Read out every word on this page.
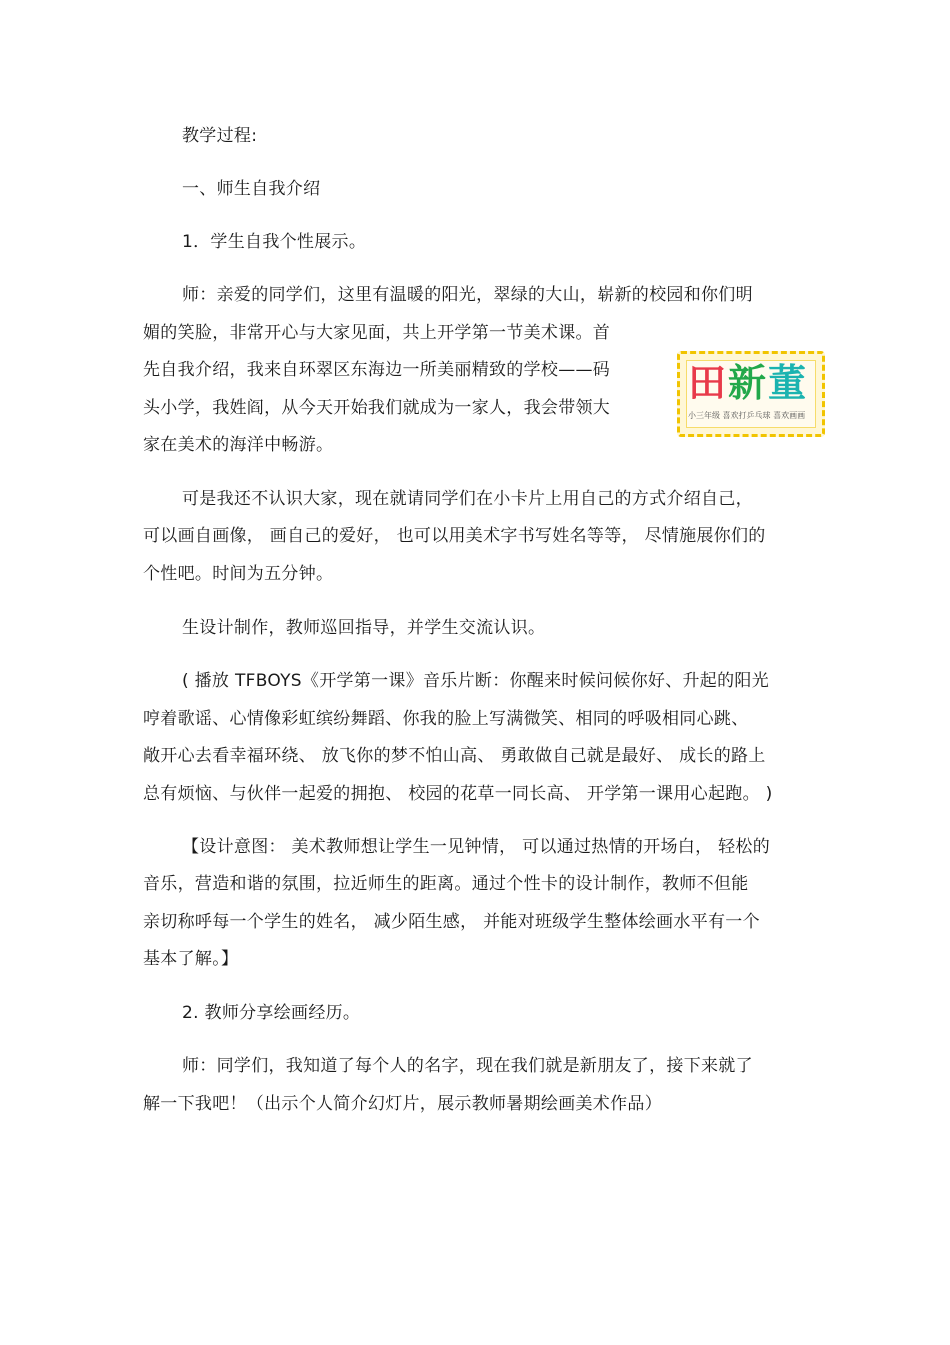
教学过程:
一、师生自我介绍
1．学生自我个性展示。
师：亲爱的同学们，这里有温暖的阳光，翠绿的大山，崭新的校园和你们明
媚的笑脸，非常开心与大家见面，共上开学第一节美术课。首
先自我介绍，我来自环翠区东海边一所美丽精致的学校——码
头小学，我姓阎，从今天开始我们就成为一家人，我会带领大
家在美术的海洋中畅游。
田新董
小三年级 喜欢打乒乓球 喜欢画画
可是我还不认识大家，现在就请同学们在小卡片上用自己的方式介绍自己，
可以画自画像， 画自己的爱好， 也可以用美术字书写姓名等等， 尽情施展你们的
个性吧。时间为五分钟。
生设计制作，教师巡回指导，并学生交流认识。
( 播放 TFBOYS《开学第一课》音乐片断：你醒来时候问候你好、升起的阳光
哼着歌谣、心情像彩虹缤纷舞蹈、你我的脸上写满微笑、相同的呼吸相同心跳、
敞开心去看幸福环绕、 放飞你的梦不怕山高、 勇敢做自己就是最好、 成长的路上
总有烦恼、与伙伴一起爱的拥抱、 校园的花草一同长高、 开学第一课用心起跑。 )
【设计意图： 美术教师想让学生一见钟情， 可以通过热情的开场白， 轻松的
音乐，营造和谐的氛围，拉近师生的距离。通过个性卡的设计制作，教师不但能
亲切称呼每一个学生的姓名， 减少陌生感， 并能对班级学生整体绘画水平有一个
基本了解。】
2. 教师分享绘画经历。
师：同学们，我知道了每个人的名字，现在我们就是新朋友了，接下来就了
解一下我吧！（出示个人简介幻灯片，展示教师暑期绘画美术作品）
